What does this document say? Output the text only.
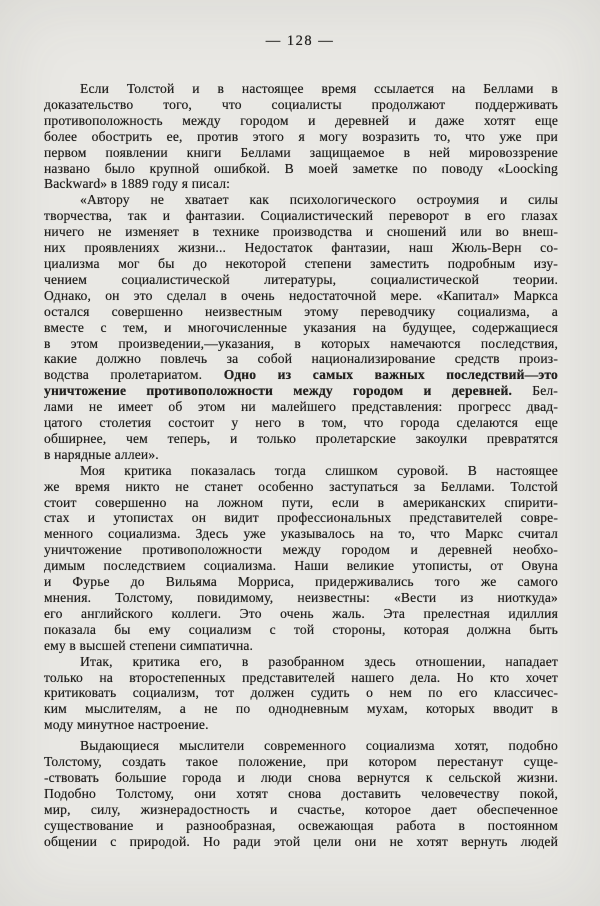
— 128 —
Если Толстой и в настоящее время ссылается на Беллами в
доказательство того, что социалисты продолжают поддерживать
противоположность между городом и деревней и даже хотят еще
более обострить ее, против этого я могу возразить то, что уже при
первом появлении книги Беллами защищаемое в ней мировоззрение
названо было крупной ошибкой. В моей заметке по поводу «Loocking
Backward» в 1889 году я писал:
«Автору не хватает как психологического остроумия и силы
творчества, так и фантазии. Социалистический переворот в его глазах
ничего не изменяет в технике производства и сношений или во внеш-
них проявлениях жизни... Недостаток фантазии, наш Жюль-Верн со-
циализма мог бы до некоторой степени заместить подробным изу-
чением социалистической литературы, социалистической теории.
Однако, он это сделал в очень недостаточной мере. «Капитал» Маркса
остался совершенно неизвестным этому переводчику социализма, а
вместе с тем, и многочисленные указания на будущее, содержащиеся
в этом произведении,—указания, в которых намечаются последствия,
какие должно повлечь за собой национализирование средств произ-
водства пролетариатом. Одно из самых важных последствий—это
уничтожение противоположности между городом и деревней. Бел-
лами не имеет об этом ни малейшего представления: прогресс двад-
цатого столетия состоит у него в том, что города сделаются еще
обширнее, чем теперь, и только пролетарские закоулки превратятся
в нарядные аллеи».
Моя критика показалась тогда слишком суровой. В настоящее
же время никто не станет особенно заступаться за Беллами. Толстой
стоит совершенно на ложном пути, если в американских спирити-
стах и утопистах он видит профессиональных представителей совре-
менного социализма. Здесь уже указывалось на то, что Маркс считал
уничтожение противоположности между городом и деревней необхо-
димым последствием социализма. Наши великие утописты, от Овуна
и Фурье до Вильяма Морриса, придерживались того же самого
мнения. Толстому, повидимому, неизвестны: «Вести из ниоткуда»
его английского коллеги. Это очень жаль. Эта прелестная идиллия
показала бы ему социализм с той стороны, которая должна быть
ему в высшей степени симпатична.
Итак, критика его, в разобранном здесь отношении, нападает
только на второстепенных представителей нашего дела. Но кто хочет
критиковать социализм, тот должен судить о нем по его классичес-
ким мыслителям, а не по однодневным мухам, которых вводит в
моду минутное настроение.
Выдающиеся мыслители современного социализма хотят, подобно
Толстому, создать такое положение, при котором перестанут суще-
-ствовать большие города и люди снова вернутся к сельской жизни.
Подобно Толстому, они хотят снова доставить человечеству покой,
мир, силу, жизнерадостность и счастье, которое дает обеспеченное
существование и разнообразная, освежающая работа в постоянном
общении с природой. Но ради этой цели они не хотят вернуть людей
